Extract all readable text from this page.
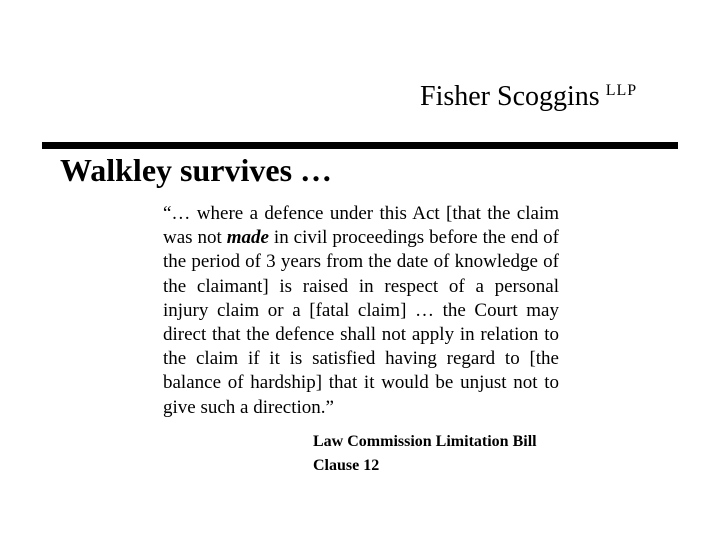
Fisher Scoggins $^{LLP}$
Walkley survives …
“… where a defence under this Act [that the claim was not made in civil proceedings before the end of the period of 3 years from the date of knowledge of the claimant] is raised in respect of a personal injury claim or a [fatal claim] … the Court may direct that the defence shall not apply in relation to the claim if it is satisfied having regard to [the balance of hardship] that it would be unjust not to give such a direction.”
Law Commission Limitation Bill
Clause 12
